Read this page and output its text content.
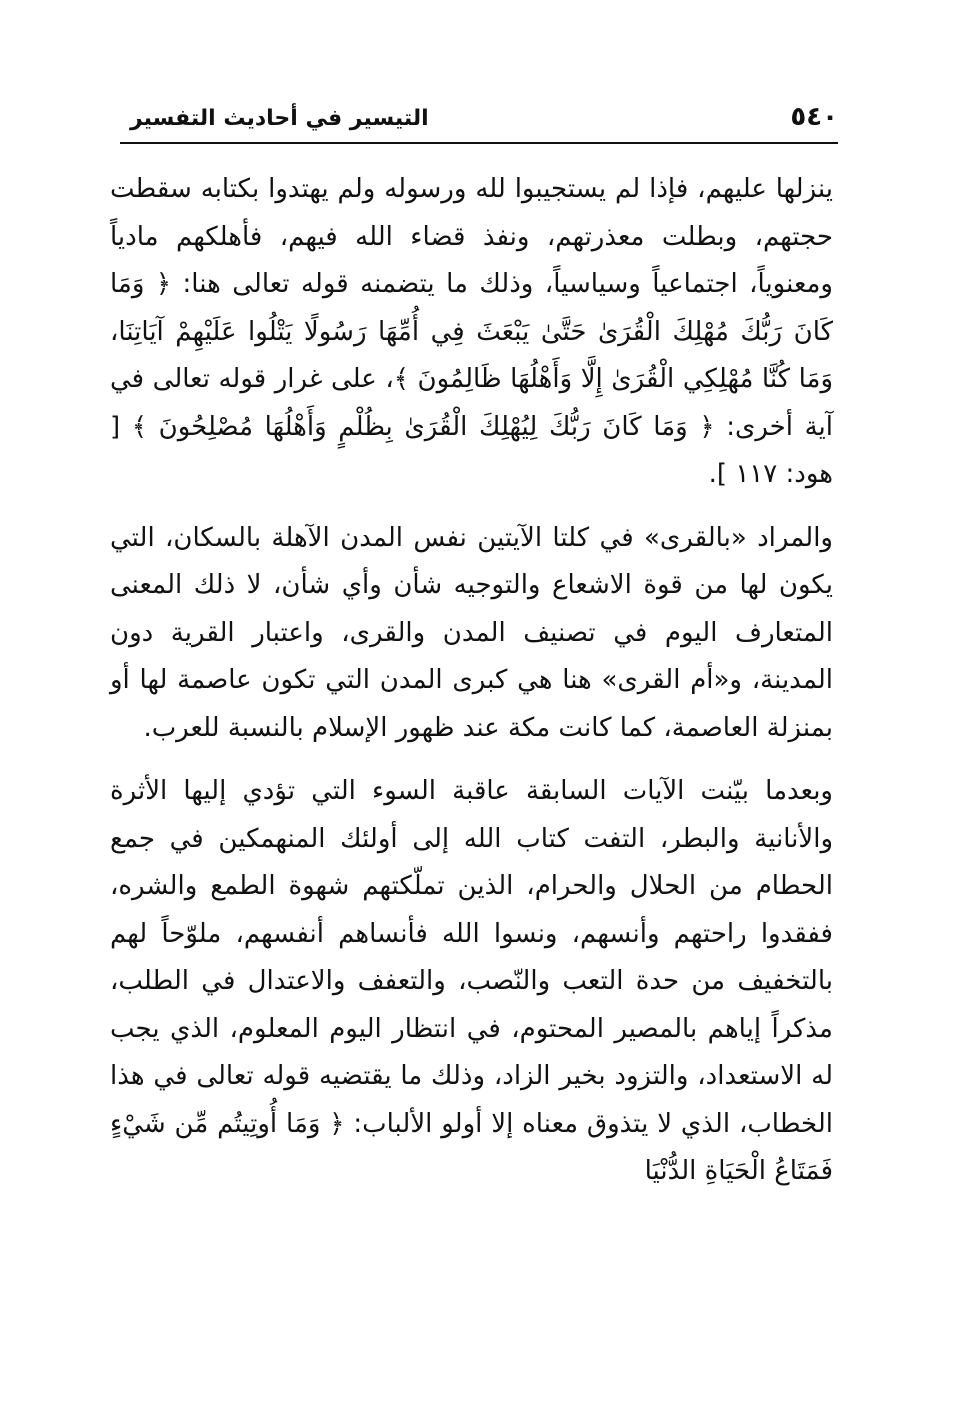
٥٤٠
التيسير في أحاديث التفسير

ينزلها عليهم، فإذا لم يستجيبوا لله ورسوله ولم يهتدوا بكتابه سقطت حجتهم، وبطلت معذرتهم، ونفذ قضاء الله فيهم، فأهلكهم مادياً ومعنوياً، اجتماعياً وسياسياً، وذلك ما يتضمنه قوله تعالى هنا: ﴿ وَمَا كَانَ رَبُّكَ مُهْلِكَ الْقُرَىٰ حَتَّىٰ يَبْعَثَ فِي أُمِّهَا رَسُولًا يَتْلُوا عَلَيْهِمْ آيَاتِنَا، وَمَا كُنَّا مُهْلِكِي الْقُرَىٰ إِلَّا وَأَهْلُهَا ظَالِمُونَ ﴾، على غرار قوله تعالى في آية أخرى: ﴿ وَمَا كَانَ رَبُّكَ لِيُهْلِكَ الْقُرَىٰ بِظُلْمٍ وَأَهْلُهَا مُصْلِحُونَ ﴾ [ هود: ١١٧ ].

والمراد «بالقرى» في كلتا الآيتين نفس المدن الآهلة بالسكان، التي يكون لها من قوة الاشعاع والتوجيه شأن وأي شأن، لا ذلك المعنى المتعارف اليوم في تصنيف المدن والقرى، واعتبار القرية دون المدينة، و«أم القرى» هنا هي كبرى المدن التي تكون عاصمة لها أو بمنزلة العاصمة، كما كانت مكة عند ظهور الإسلام بالنسبة للعرب.

وبعدما بيّنت الآيات السابقة عاقبة السوء التي تؤدي إليها الأثرة والأنانية والبطر، التفت كتاب الله إلى أولئك المنهمكين في جمع الحطام من الحلال والحرام، الذين تملّكتهم شهوة الطمع والشره، ففقدوا راحتهم وأنسهم، ونسوا الله فأنساهم أنفسهم، ملوّحاً لهم بالتخفيف من حدة التعب والنّصب، والتعفف والاعتدال في الطلب، مذكراً إياهم بالمصير المحتوم، في انتظار اليوم المعلوم، الذي يجب له الاستعداد، والتزود بخير الزاد، وذلك ما يقتضيه قوله تعالى في هذا الخطاب، الذي لا يتذوق معناه إلا أولو الألباب: ﴿ وَمَا أُوتِيتُم مِّن شَيْءٍ فَمَتَاعُ الْحَيَاةِ الدُّنْيَا
